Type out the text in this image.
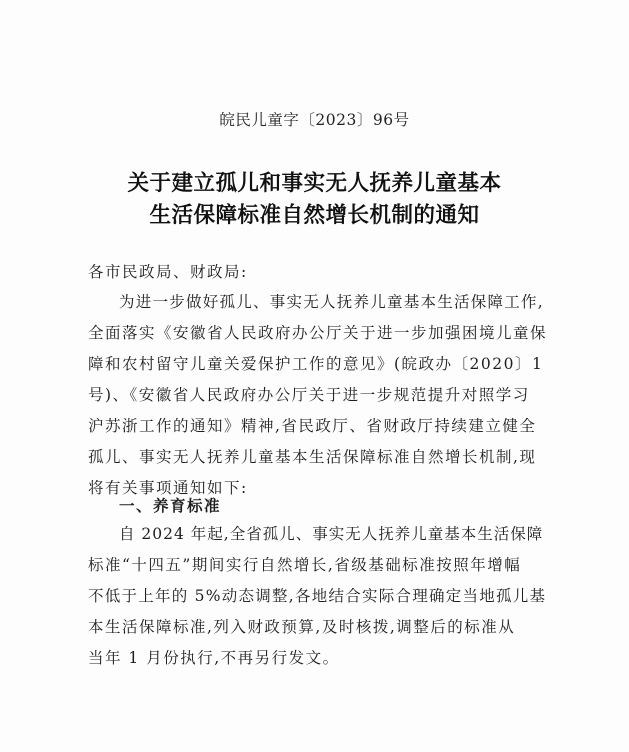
皖民儿童字〔2023〕96号
关于建立孤儿和事实无人抚养儿童基本
生活保障标准自然增长机制的通知
各市民政局、财政局:
为进一步做好孤儿、事实无人抚养儿童基本生活保障工作,
全面落实《安徽省人民政府办公厅关于进一步加强困境儿童保
障和农村留守儿童关爱保护工作的意见》(皖政办〔2020〕1
号)、《安徽省人民政府办公厅关于进一步规范提升对照学习
沪苏浙工作的通知》精神,省民政厅、省财政厅持续建立健全
孤儿、事实无人抚养儿童基本生活保障标准自然增长机制,现
将有关事项通知如下:
一、养育标准
自 2024 年起,全省孤儿、事实无人抚养儿童基本生活保障
标准“十四五”期间实行自然增长,省级基础标准按照年增幅
不低于上年的 5%动态调整,各地结合实际合理确定当地孤儿基
本生活保障标准,列入财政预算,及时核拨,调整后的标准从
当年 1 月份执行,不再另行发文。
